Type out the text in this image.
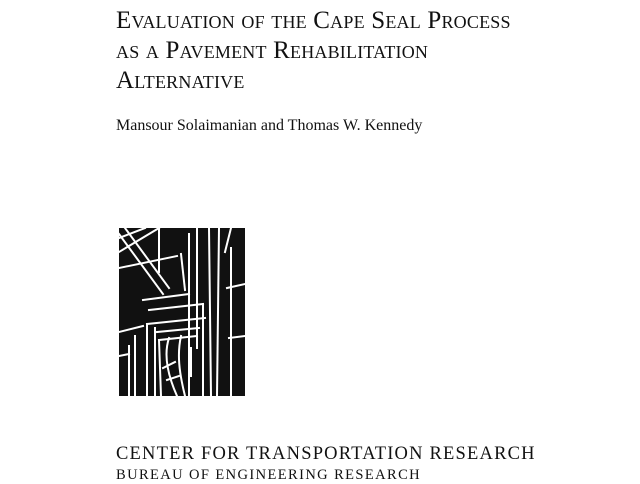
Evaluation of the Cape Seal Process
as a Pavement Rehabilitation
Alternative
Mansour Solaimanian and Thomas W. Kennedy
CENTER FOR TRANSPORTATION RESEARCH
BUREAU OF ENGINEERING RESEARCH
